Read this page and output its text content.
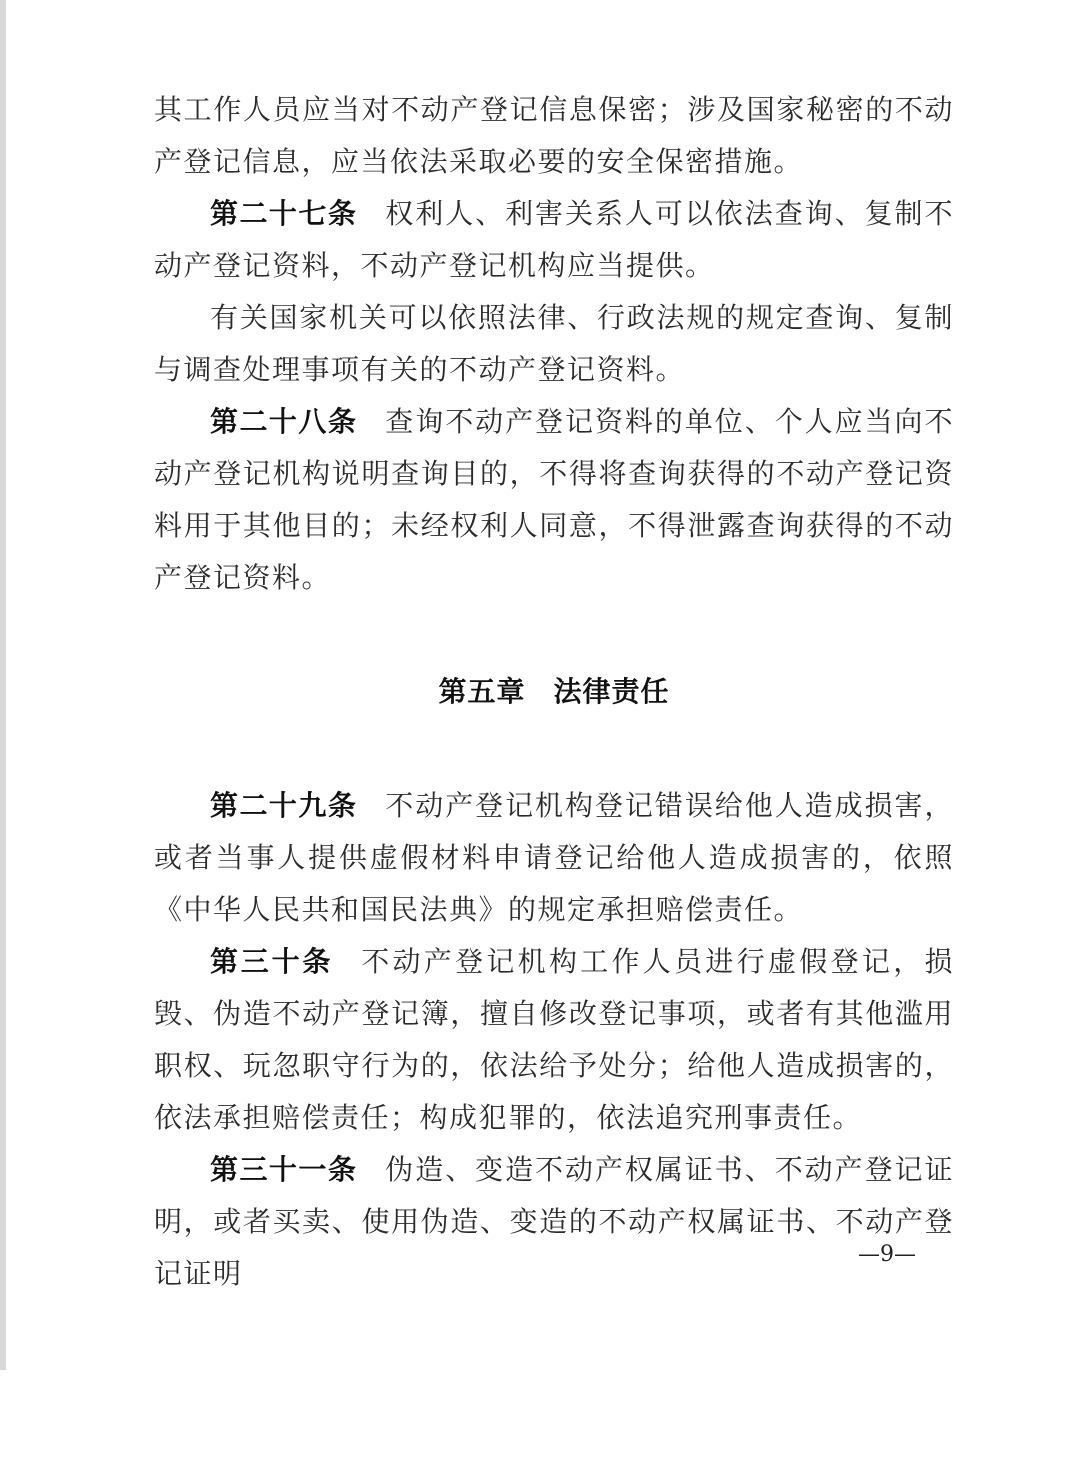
其工作人员应当对不动产登记信息保密；涉及国家秘密的不动产登记信息，应当依法采取必要的安全保密措施。

第二十七条 权利人、利害关系人可以依法查询、复制不动产登记资料，不动产登记机构应当提供。

有关国家机关可以依照法律、行政法规的规定查询、复制与调查处理事项有关的不动产登记资料。

第二十八条 查询不动产登记资料的单位、个人应当向不动产登记机构说明查询目的，不得将查询获得的不动产登记资料用于其他目的；未经权利人同意，不得泄露查询获得的不动产登记资料。

第五章 法律责任

第二十九条 不动产登记机构登记错误给他人造成损害，或者当事人提供虚假材料申请登记给他人造成损害的，依照《中华人民共和国民法典》的规定承担赔偿责任。

第三十条 不动产登记机构工作人员进行虚假登记，损毁、伪造不动产登记簿，擅自修改登记事项，或者有其他滥用职权、玩忽职守行为的，依法给予处分；给他人造成损害的，依法承担赔偿责任；构成犯罪的，依法追究刑事责任。

第三十一条 伪造、变造不动产权属证书、不动产登记证明，或者买卖、使用伪造、变造的不动产权属证书、不动产登记证明

—9—
